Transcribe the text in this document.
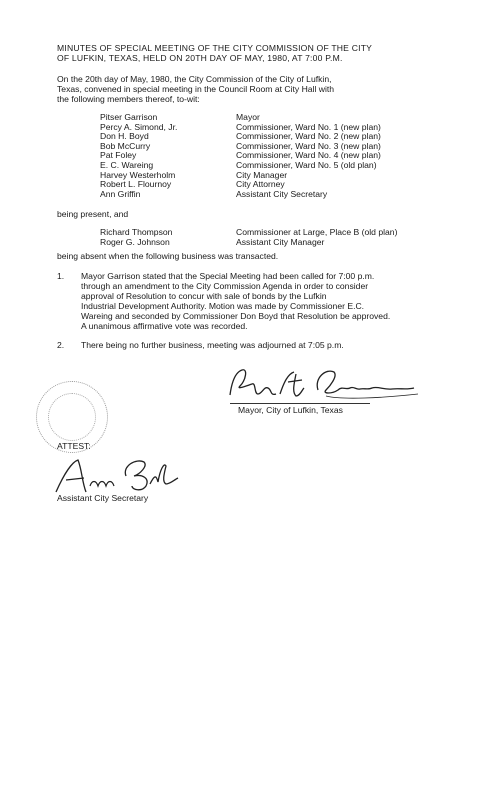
MINUTES OF SPECIAL MEETING OF THE CITY COMMISSION OF THE CITY
OF LUFKIN, TEXAS, HELD ON 20TH DAY OF MAY, 1980, AT 7:00 P.M.
On the 20th day of May, 1980, the City Commission of the City of Lufkin,
Texas, convened in special meeting in the Council Room at City Hall with
the following members thereof, to-wit:
Pitser Garrison	Mayor
Percy A. Simond, Jr.	Commissioner, Ward No. 1 (new plan)
Don H. Boyd	Commissioner, Ward No. 2 (new plan)
Bob McCurry	Commissioner, Ward No. 3 (new plan)
Pat Foley	Commissioner, Ward No. 4 (new plan)
E. C. Wareing	Commissioner, Ward No. 5 (old plan)
Harvey Westerholm	City Manager
Robert L. Flournoy	City Attorney
Ann Griffin	Assistant City Secretary
being present, and
Richard Thompson	Commissioner at Large, Place B (old plan)
Roger G. Johnson	Assistant City Manager
being absent when the following business was transacted.
1.	Mayor Garrison stated that the Special Meeting had been called for 7:00 p.m.
through an amendment to the City Commission Agenda in order to consider
approval of Resolution to concur with sale of bonds by the Lufkin
Industrial Development Authority. Motion was made by Commissioner E.C.
Wareing and seconded by Commissioner Don Boyd that Resolution be approved.
A unanimous affirmative vote was recorded.
2.	There being no further business, meeting was adjourned at 7:05 p.m.
Mayor, City of Lufkin, Texas
ATTEST:
Assistant City Secretary
